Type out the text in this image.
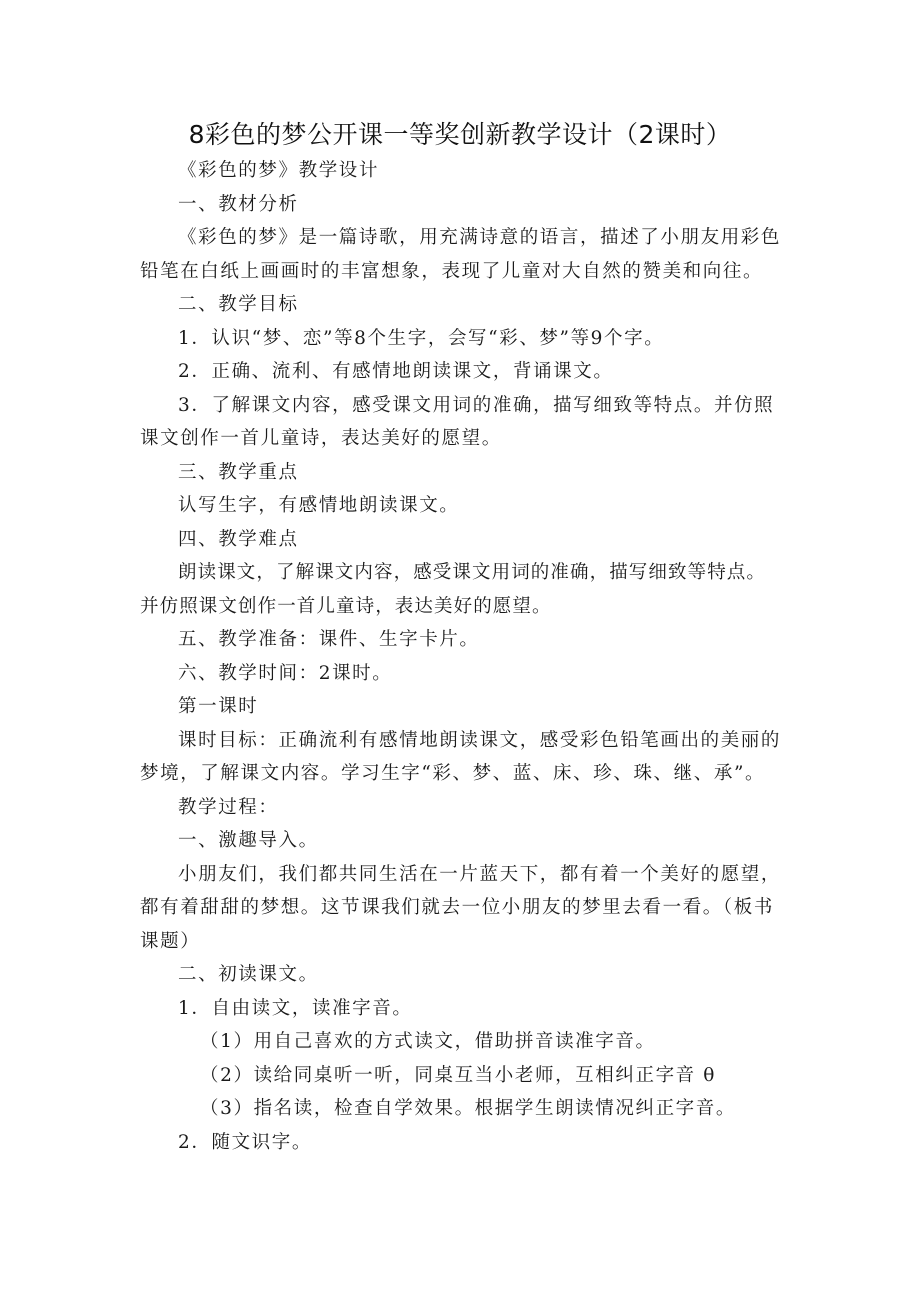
8彩色的梦公开课一等奖创新教学设计（2课时）

《彩色的梦》教学设计

一、教材分析

《彩色的梦》是一篇诗歌，用充满诗意的语言，描述了小朋友用彩色铅笔在白纸上画画时的丰富想象，表现了儿童对大自然的赞美和向往。

二、教学目标

1．认识“梦、恋”等8个生字，会写“彩、梦”等9个字。

2．正确、流利、有感情地朗读课文，背诵课文。

3．了解课文内容，感受课文用词的准确，描写细致等特点。并仿照课文创作一首儿童诗，表达美好的愿望。

三、教学重点

认写生字，有感情地朗读课文。

四、教学难点

朗读课文，了解课文内容，感受课文用词的准确，描写细致等特点。并仿照课文创作一首儿童诗，表达美好的愿望。

五、教学准备：课件、生字卡片。

六、教学时间：2课时。

第一课时

课时目标：正确流利有感情地朗读课文，感受彩色铅笔画出的美丽的梦境，了解课文内容。学习生字“彩、梦、蓝、床、珍、珠、继、承”。

教学过程：

一、激趣导入。

小朋友们，我们都共同生活在一片蓝天下，都有着一个美好的愿望，都有着甜甜的梦想。这节课我们就去一位小朋友的梦里去看一看。（板书课题）

二、初读课文。

1．自由读文，读准字音。

（1）用自己喜欢的方式读文，借助拼音读准字音。

（2）读给同桌听一听，同桌互当小老师，互相纠正字音 θ

（3）指名读，检查自学效果。根据学生朗读情况纠正字音。

2．随文识字。
